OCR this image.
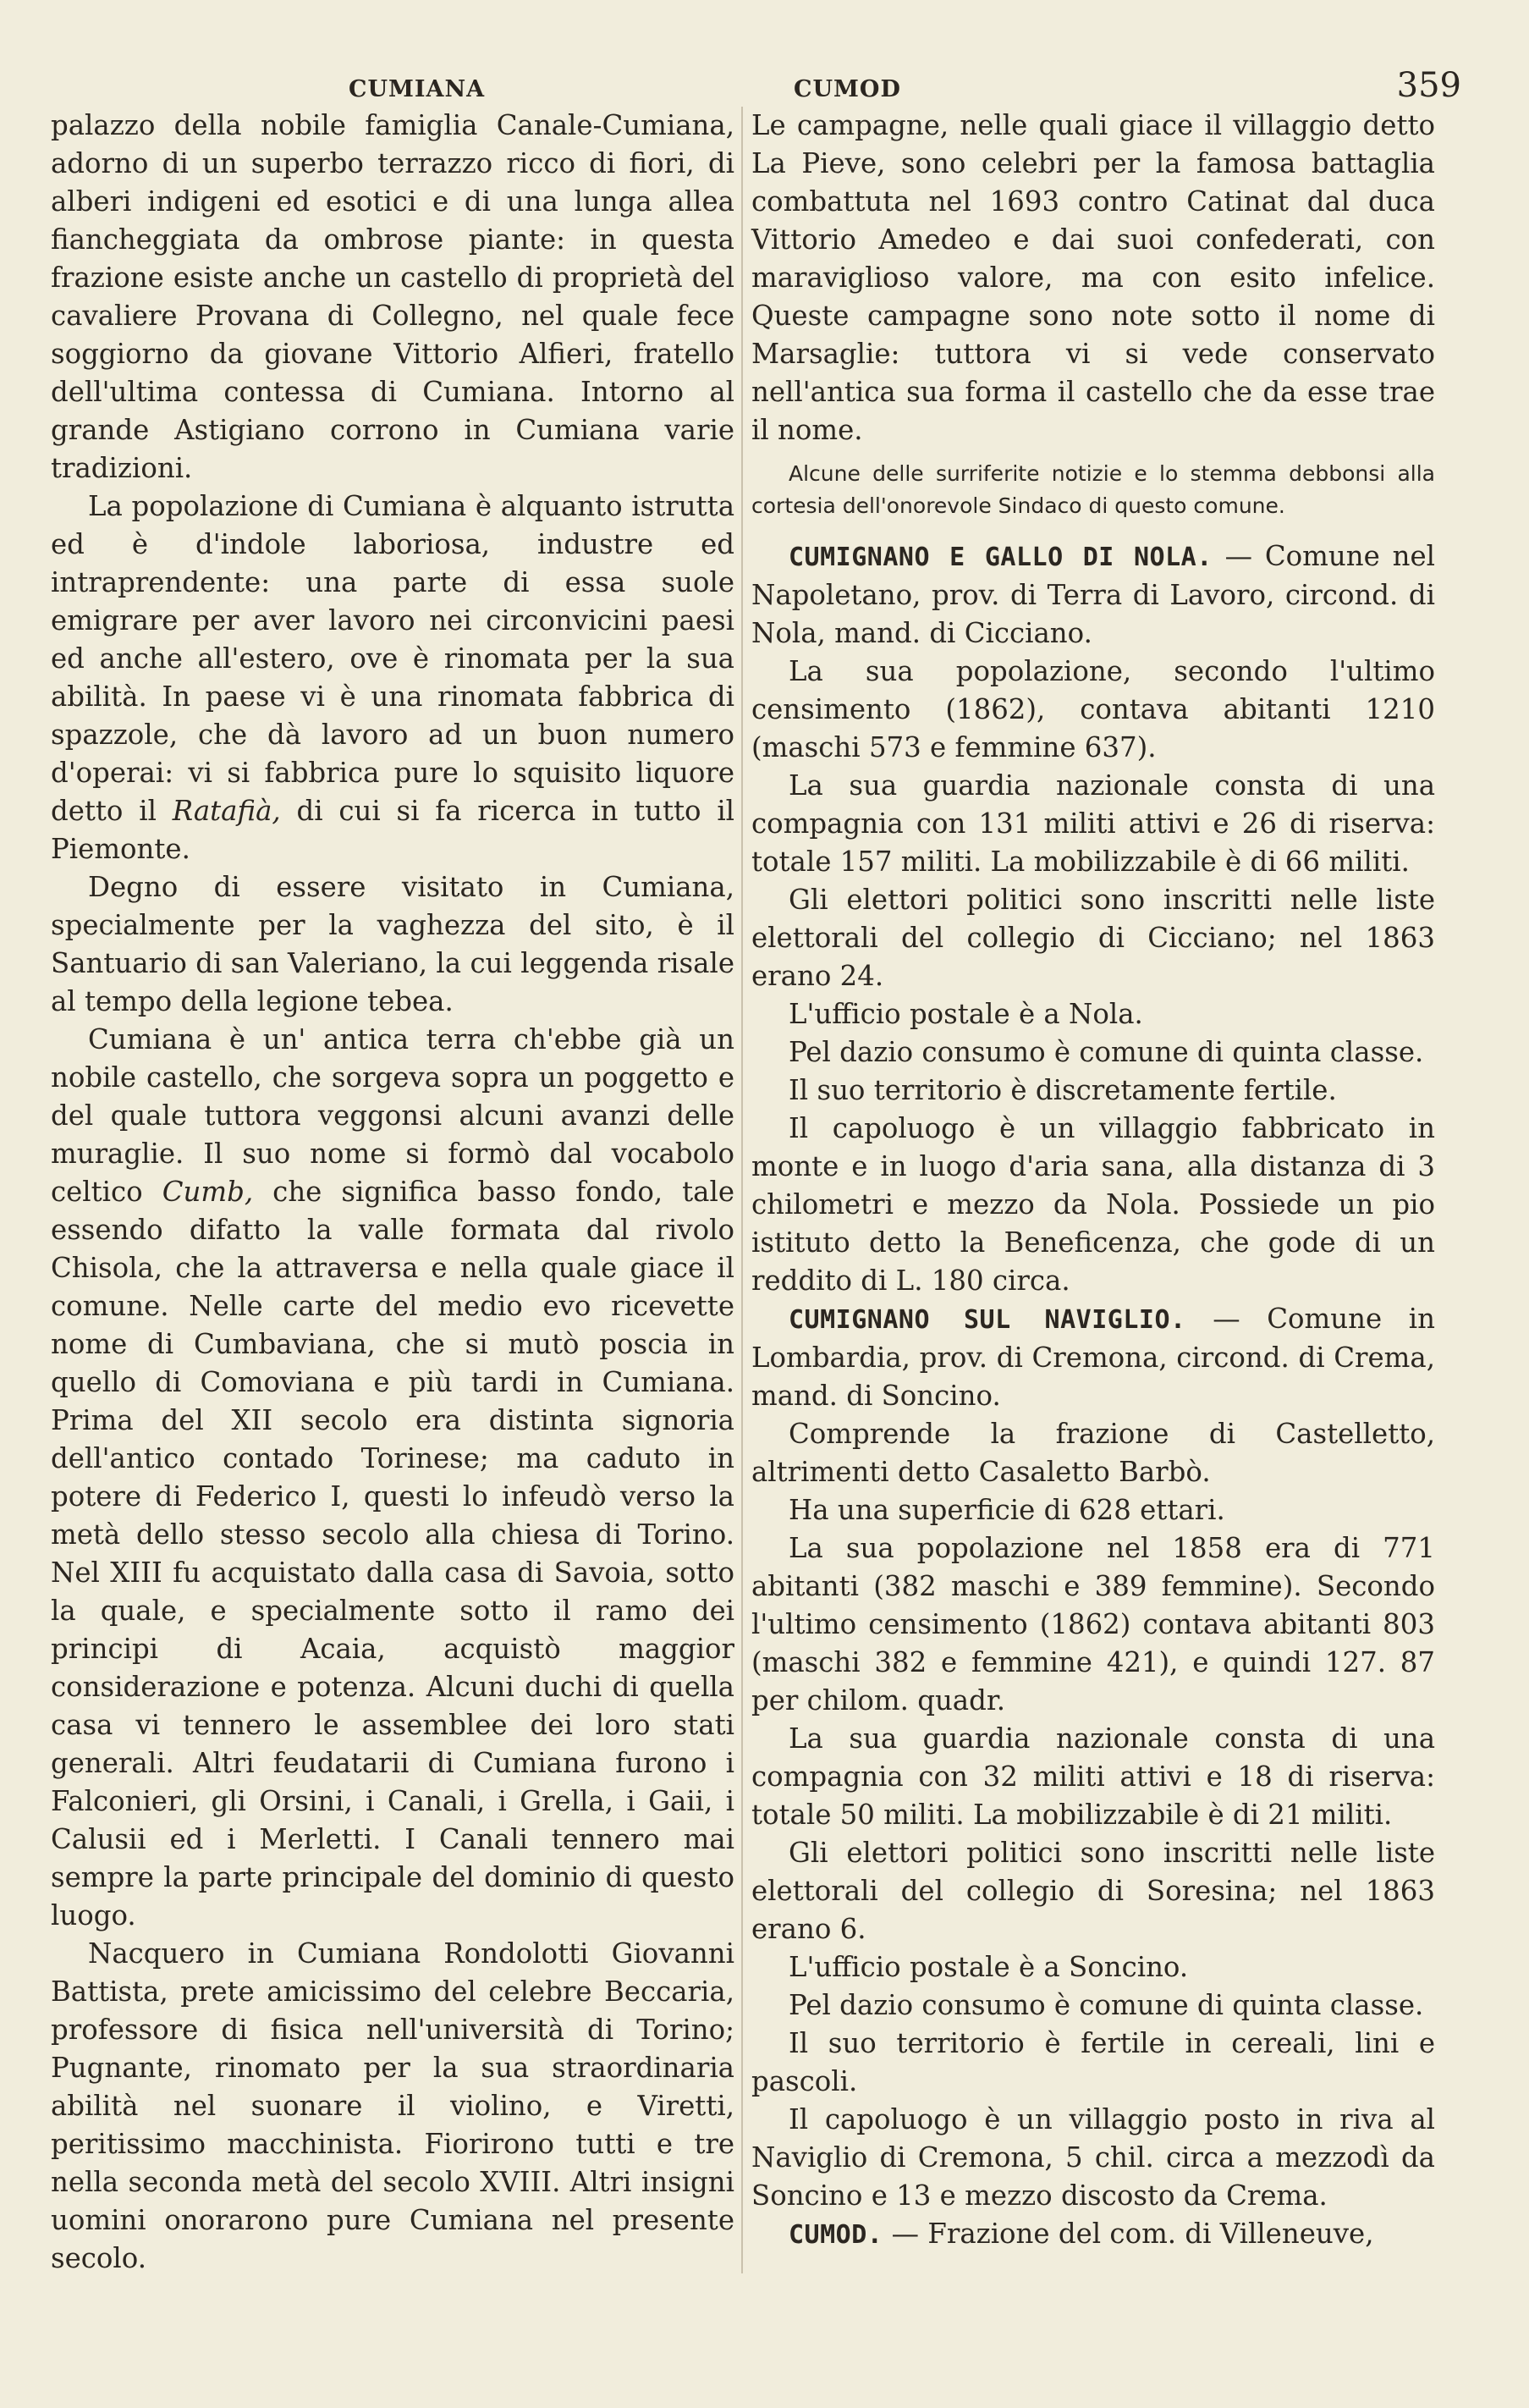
CUMIANA	CUMOD	359

palazzo della nobile famiglia Canale-Cumiana, adorno di un superbo terrazzo ricco di fiori, di alberi indigeni ed esotici e di una lunga allea fiancheggiata da ombrose piante: in questa frazione esiste anche un castello di proprietà del cavaliere Provana di Collegno, nel quale fece soggiorno da giovane Vittorio Alfieri, fratello dell'ultima contessa di Cumiana. Intorno al grande Astigiano corrono in Cumiana varie tradizioni.

La popolazione di Cumiana è alquanto istrutta ed è d'indole laboriosa, industre ed intraprendente: una parte di essa suole emigrare per aver lavoro nei circonvicini paesi ed anche all'estero, ove è rinomata per la sua abilità. In paese vi è una rinomata fabbrica di spazzole, che dà lavoro ad un buon numero d'operai: vi si fabbrica pure lo squisito liquore detto il Ratafià, di cui si fa ricerca in tutto il Piemonte.

Degno di essere visitato in Cumiana, specialmente per la vaghezza del sito, è il Santuario di san Valeriano, la cui leggenda risale al tempo della legione tebea.

Cumiana è un' antica terra ch'ebbe già un nobile castello, che sorgeva sopra un poggetto e del quale tuttora veggonsi alcuni avanzi delle muraglie. Il suo nome si formò dal vocabolo celtico Cumb, che significa basso fondo, tale essendo difatto la valle formata dal rivolo Chisola, che la attraversa e nella quale giace il comune. Nelle carte del medio evo ricevette nome di Cumbaviana, che si mutò poscia in quello di Comoviana e più tardi in Cumiana. Prima del XII secolo era distinta signoria dell'antico contado Torinese; ma caduto in potere di Federico I, questi lo infeudò verso la metà dello stesso secolo alla chiesa di Torino. Nel XIII fu acquistato dalla casa di Savoia, sotto la quale, e specialmente sotto il ramo dei principi di Acaia, acquistò maggior considerazione e potenza. Alcuni duchi di quella casa vi tennero le assemblee dei loro stati generali. Altri feudatarii di Cumiana furono i Falconieri, gli Orsini, i Canali, i Grella, i Gaii, i Calusii ed i Merletti. I Canali tennero mai sempre la parte principale del dominio di questo luogo.

Nacquero in Cumiana Rondolotti Giovanni Battista, prete amicissimo del celebre Beccaria, professore di fisica nell'università di Torino; Pugnante, rinomato per la sua straordinaria abilità nel suonare il violino, e Viretti, peritissimo macchinista. Fiorirono tutti e tre nella seconda metà del secolo XVIII. Altri insigni uomini onorarono pure Cumiana nel presente secolo.

Le campagne, nelle quali giace il villaggio detto La Pieve, sono celebri per la famosa battaglia combattuta nel 1693 contro Catinat dal duca Vittorio Amedeo e dai suoi confederati, con maraviglioso valore, ma con esito infelice. Queste campagne sono note sotto il nome di Marsaglie: tuttora vi si vede conservato nell'antica sua forma il castello che da esse trae il nome.

Alcune delle surriferite notizie e lo stemma debbonsi alla cortesia dell'onorevole Sindaco di questo comune.

CUMIGNANO E GALLO DI NOLA. — Comune nel Napoletano, prov. di Terra di Lavoro, circond. di Nola, mand. di Cicciano.

La sua popolazione, secondo l'ultimo censimento (1862), contava abitanti 1210 (maschi 573 e femmine 637).

La sua guardia nazionale consta di una compagnia con 131 militi attivi e 26 di riserva: totale 157 militi. La mobilizzabile è di 66 militi.

Gli elettori politici sono inscritti nelle liste elettorali del collegio di Cicciano; nel 1863 erano 24.

L'ufficio postale è a Nola.

Pel dazio consumo è comune di quinta classe.

Il suo territorio è discretamente fertile.

Il capoluogo è un villaggio fabbricato in monte e in luogo d'aria sana, alla distanza di 3 chilometri e mezzo da Nola. Possiede un pio istituto detto la Beneficenza, che gode di un reddito di L. 180 circa.

CUMIGNANO SUL NAVIGLIO. — Comune in Lombardia, prov. di Cremona, circond. di Crema, mand. di Soncino.

Comprende la frazione di Castelletto, altrimenti detto Casaletto Barbò.

Ha una superficie di 628 ettari.

La sua popolazione nel 1858 era di 771 abitanti (382 maschi e 389 femmine). Secondo l'ultimo censimento (1862) contava abitanti 803 (maschi 382 e femmine 421), e quindi 127. 87 per chilom. quadr.

La sua guardia nazionale consta di una compagnia con 32 militi attivi e 18 di riserva: totale 50 militi. La mobilizzabile è di 21 militi.

Gli elettori politici sono inscritti nelle liste elettorali del collegio di Soresina; nel 1863 erano 6.

L'ufficio postale è a Soncino.

Pel dazio consumo è comune di quinta classe.

Il suo territorio è fertile in cereali, lini e pascoli.

Il capoluogo è un villaggio posto in riva al Naviglio di Cremona, 5 chil. circa a mezzodì da Soncino e 13 e mezzo discosto da Crema.

CUMOD. — Frazione del com. di Villeneuve,
